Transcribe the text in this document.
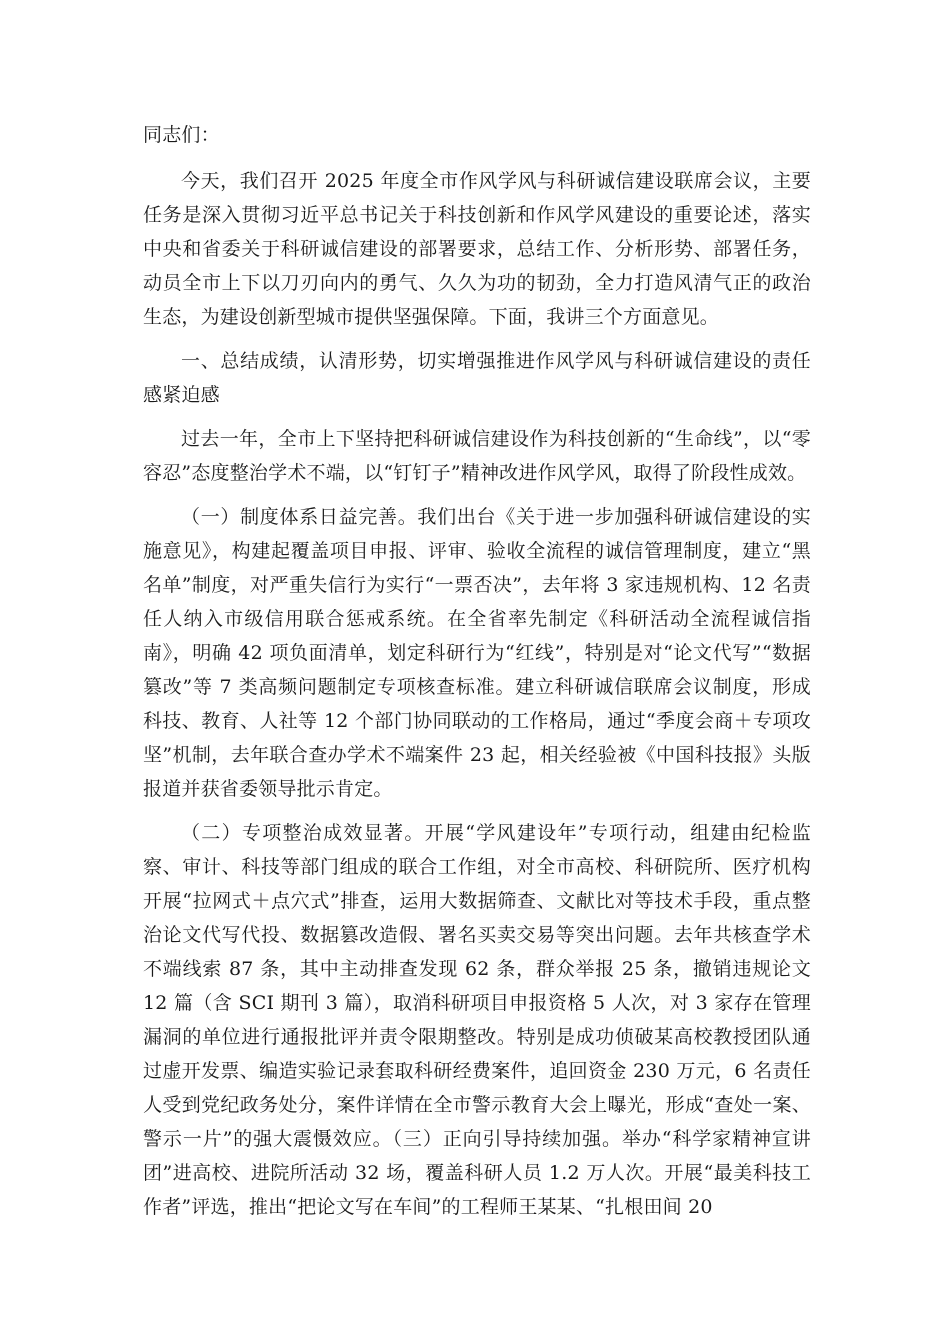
同志们：

今天，我们召开 2025 年度全市作风学风与科研诚信建设联席会议，主要任务是深入贯彻习近平总书记关于科技创新和作风学风建设的重要论述，落实中央和省委关于科研诚信建设的部署要求，总结工作、分析形势、部署任务，动员全市上下以刀刃向内的勇气、久久为功的韧劲，全力打造风清气正的政治生态，为建设创新型城市提供坚强保障。下面，我讲三个方面意见。

一、总结成绩，认清形势，切实增强推进作风学风与科研诚信建设的责任感紧迫感

过去一年，全市上下坚持把科研诚信建设作为科技创新的“生命线”，以“零容忍”态度整治学术不端，以“钉钉子”精神改进作风学风，取得了阶段性成效。

（一）制度体系日益完善。我们出台《关于进一步加强科研诚信建设的实施意见》，构建起覆盖项目申报、评审、验收全流程的诚信管理制度，建立“黑名单”制度，对严重失信行为实行“一票否决”，去年将 3 家违规机构、12 名责任人纳入市级信用联合惩戒系统。在全省率先制定《科研活动全流程诚信指南》，明确 42 项负面清单，划定科研行为“红线”，特别是对“论文代写”“数据篡改”等 7 类高频问题制定专项核查标准。建立科研诚信联席会议制度，形成科技、教育、人社等 12 个部门协同联动的工作格局，通过“季度会商＋专项攻坚”机制，去年联合查办学术不端案件 23 起，相关经验被《中国科技报》头版报道并获省委领导批示肯定。

（二）专项整治成效显著。开展“学风建设年”专项行动，组建由纪检监察、审计、科技等部门组成的联合工作组，对全市高校、科研院所、医疗机构开展“拉网式＋点穴式”排查，运用大数据筛查、文献比对等技术手段，重点整治论文代写代投、数据篡改造假、署名买卖交易等突出问题。去年共核查学术不端线索 87 条，其中主动排查发现 62 条，群众举报 25 条，撤销违规论文 12 篇（含 SCI 期刊 3 篇），取消科研项目申报资格 5 人次，对 3 家存在管理漏洞的单位进行通报批评并责令限期整改。特别是成功侦破某高校教授团队通过虚开发票、编造实验记录套取科研经费案件，追回资金 230 万元，6 名责任人受到党纪政务处分，案件详情在全市警示教育大会上曝光，形成“查处一案、警示一片”的强大震慑效应。（三）正向引导持续加强。举办“科学家精神宣讲团”进高校、进院所活动 32 场，覆盖科研人员 1.2 万人次。开展“最美科技工作者”评选，推出“把论文写在车间”的工程师王某某、“扎根田间 20
